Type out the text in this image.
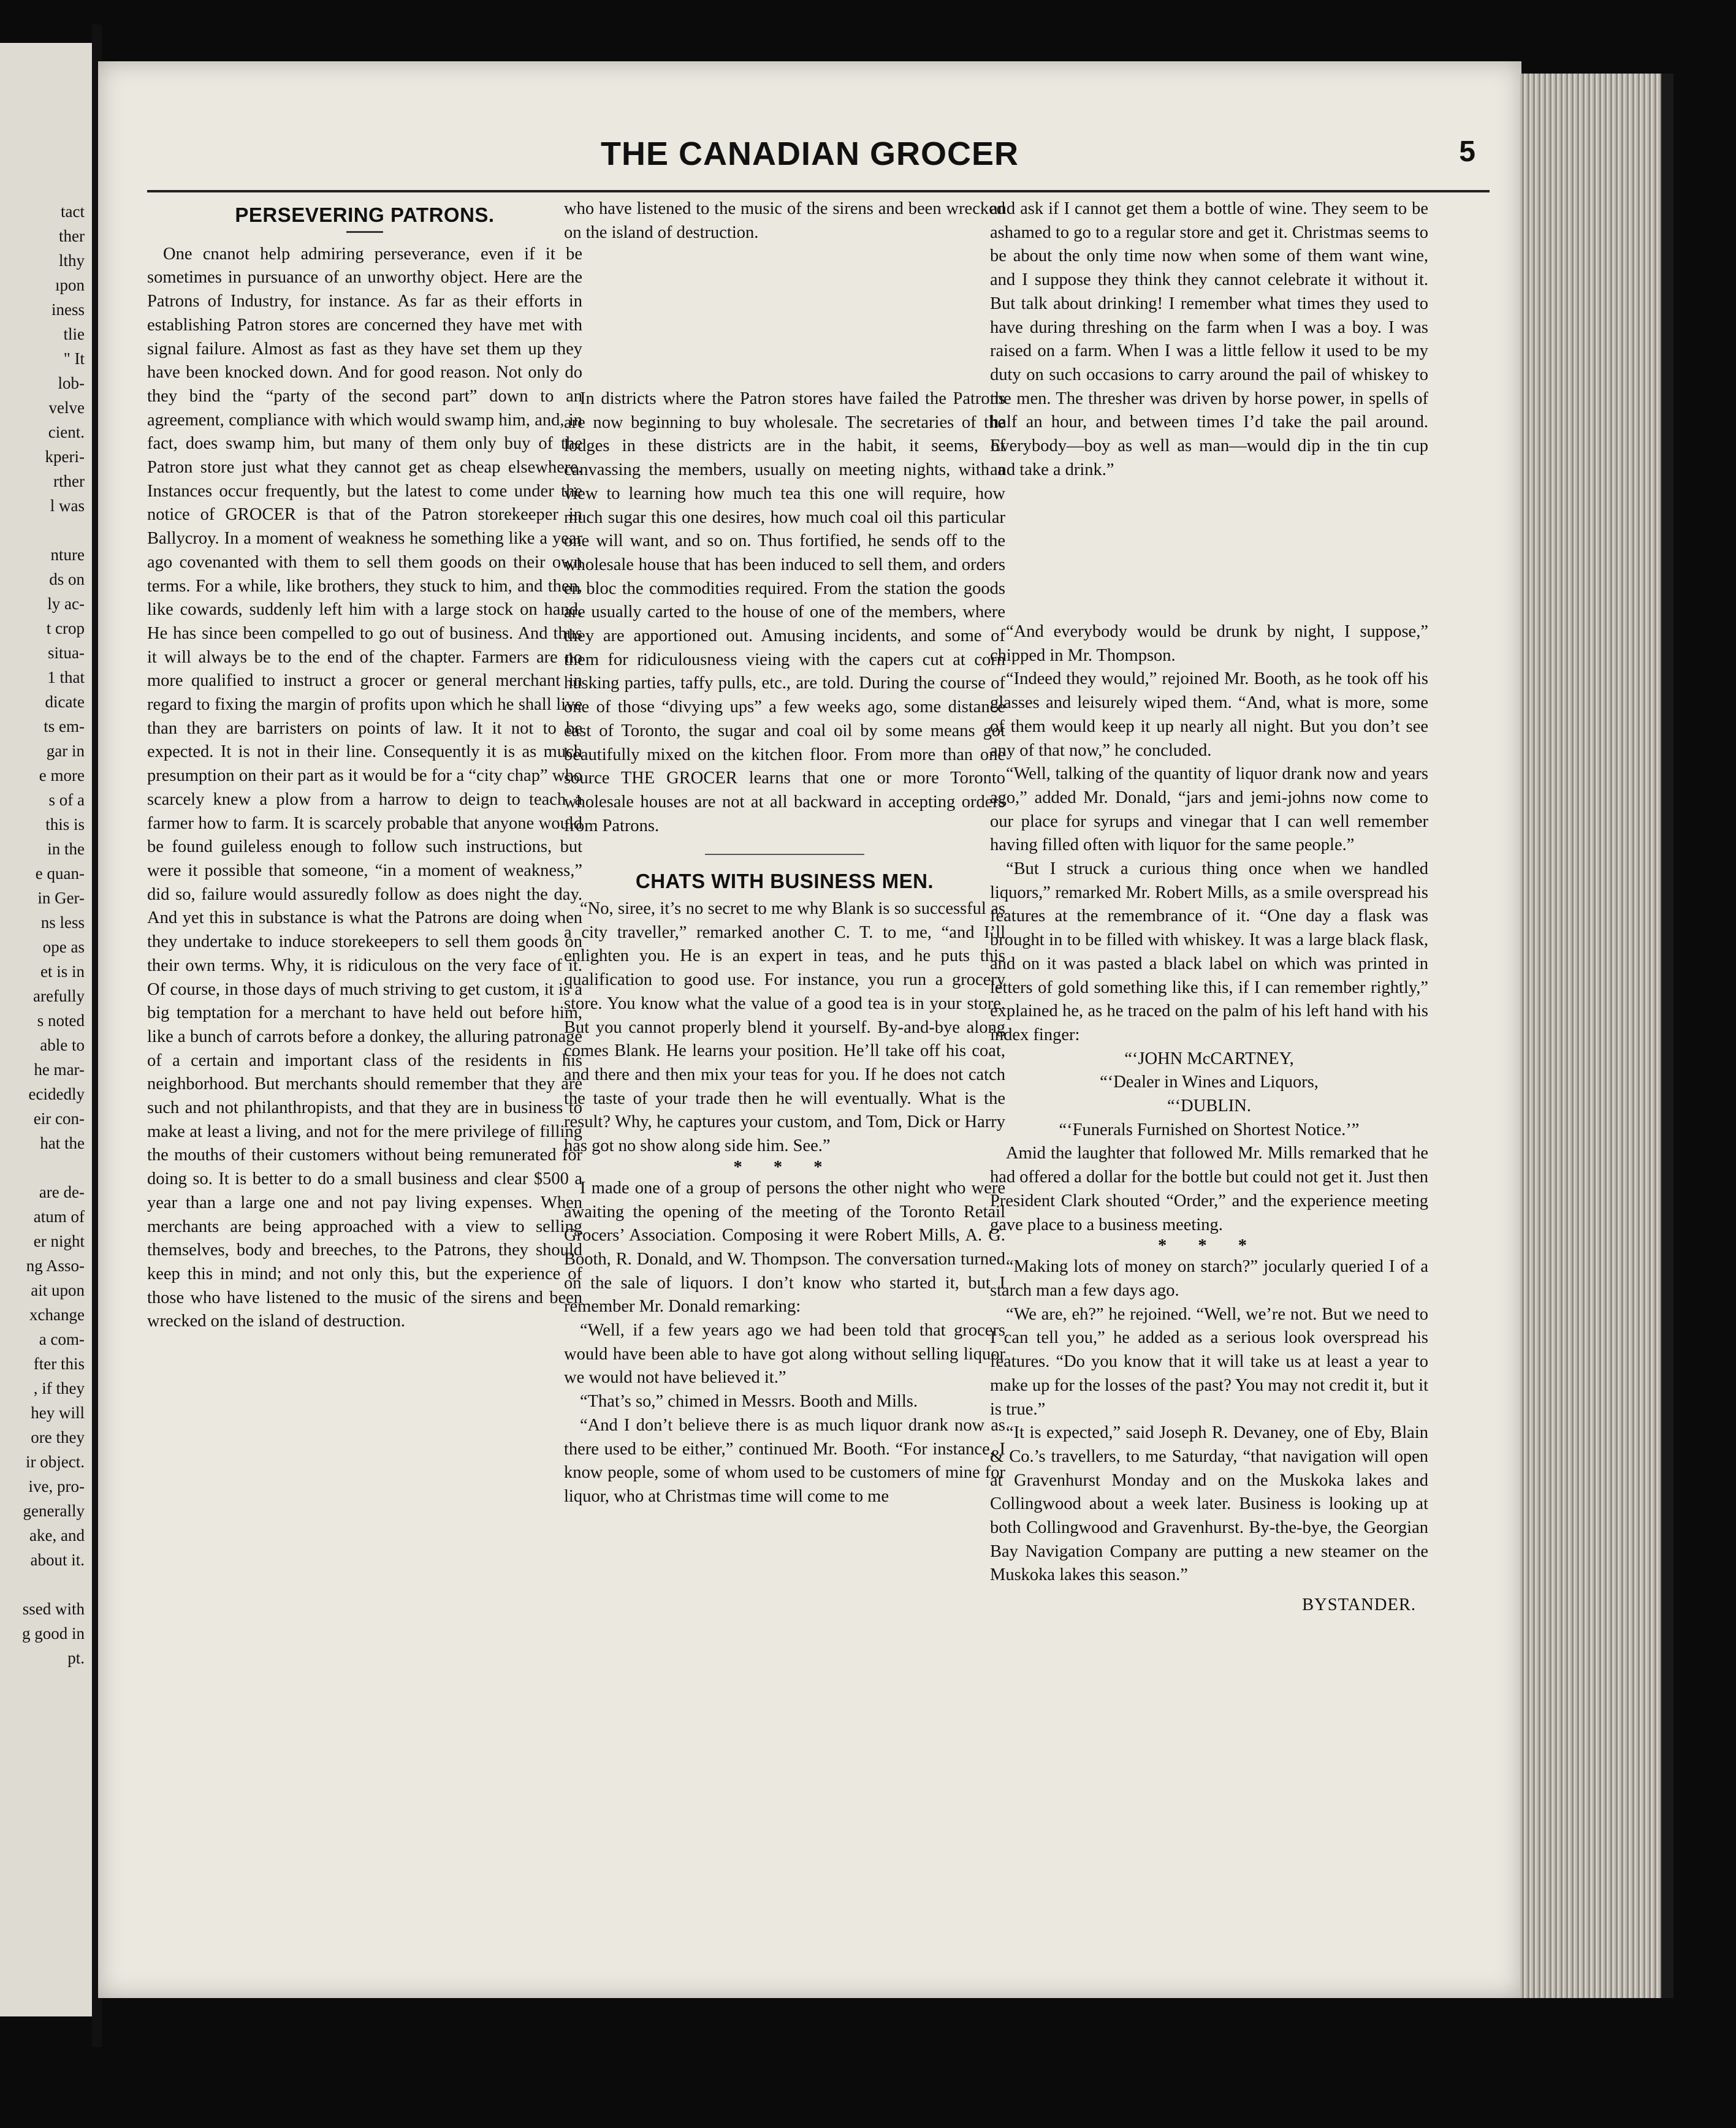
tact
ther
lthy
ıpon
iness
tlie
" It
lob-
velve
cient.
kperi-
rther
l was

nture
ds on
ly ac-
t crop
situa-
1 that
dicate
ts em-
gar in
e more
s of a
this is
in the
e quan-
in Ger-
ns less
ope as
et is in
arefully
s noted
able to
he mar-
ecidedly
eir con-
hat the

are de-
atum of
er night
ng Asso-
ait upon
xchange
a com-
fter this
, if they
hey will
ore they
ir object.
ive, pro-
generally
ake, and
about it.

ssed with
g good in
pt.
THE CANADIAN GROCER	5
PERSEVERING PATRONS.

One cnanot help admiring perseverance, even if it be sometimes in pursuance of an unworthy object. Here are the Patrons of Industry, for instance. As far as their efforts in establishing Patron stores are concerned they have met with signal failure. Almost as fast as they have set them up they have been knocked down. And for good reason. Not only do they bind the “party of the second part” down to an agreement, compliance with which would swamp him, and, in fact, does swamp him, but many of them only buy of the Patron store just what they cannot get as cheap elsewhere. Instances occur frequently, but the latest to come under the notice of GROCER is that of the Patron storekeeper in Ballycroy. In a moment of weakness he something like a year ago covenanted with them to sell them goods on their own terms. For a while, like brothers, they stuck to him, and then, like cowards, suddenly left him with a large stock on hand. He has since been compelled to go out of business. And thus it will always be to the end of the chapter. Farmers are no more qualified to instruct a grocer or general merchant in regard to fixing the margin of profits upon which he shall live than they are barristers on points of law. It it not to be expected. It is not in their line. Consequently it is as much presumption on their part as it would be for a “city chap” who scarcely knew a plow from a harrow to deign to teach a farmer how to farm. It is scarcely probable that anyone would be found guileless enough to follow such instructions, but were it possible that someone, “in a moment of weakness,” did so, failure would assuredly follow as does night the day. And yet this in substance is what the Patrons are doing when they undertake to induce storekeepers to sell them goods on their own terms. Why, it is ridiculous on the very face of it. Of course, in those days of much striving to get custom, it is a big temptation for a merchant to have held out before him, like a bunch of carrots before a donkey, the alluring patronage of a certain and important class of the residents in his neighborhood. But merchants should remember that they are such and not philanthropists, and that they are in business to make at least a living, and not for the mere privilege of filling the mouths of their customers without being remunerated for doing so. It is better to do a small business and clear $500 a year than a large one and not pay living expenses. When merchants are being approached with a view to selling themselves, body and breeches, to the Patrons, they should keep this in mind; and not only this, but the experience of those who have listened to the music of the sirens and been wrecked on the island of destruction.

who have listened to the music of the sirens and been wrecked on the island of destruction.

In districts where the Patron stores have failed the Patrons are now beginning to buy wholesale. The secretaries of the lodges in these districts are in the habit, it seems, of canvassing the members, usually on meeting nights, with a view to learning how much tea this one will require, how much sugar this one desires, how much coal oil this particular one will want, and so on. Thus fortified, he sends off to the wholesale house that has been induced to sell them, and orders en bloc the commodities required. From the station the goods are usually carted to the house of one of the members, where they are apportioned out. Amusing incidents, and some of them for ridiculousness vieing with the capers cut at corn husking parties, taffy pulls, etc., are told. During the course of one of those “divying ups” a few weeks ago, some distance east of Toronto, the sugar and coal oil by some means got beautifully mixed on the kitchen floor. From more than one source THE GROCER learns that one or more Toronto wholesale houses are not at all backward in accepting orders from Patrons.

CHATS WITH BUSINESS MEN.

“No, siree, it’s no secret to me why Blank is so successful as a city traveller,” remarked another C. T. to me, “and I’ll enlighten you. He is an expert in teas, and he puts this qualification to good use. For instance, you run a grocery store. You know what the value of a good tea is in your store. But you cannot properly blend it yourself. By-and-bye along comes Blank. He learns your position. He’ll take off his coat, and there and then mix your teas for you. If he does not catch the taste of your trade then he will eventually. What is the result? Why, he captures your custom, and Tom, Dick or Harry has got no show along side him. See.”

* * *

I made one of a group of persons the other night who were awaiting the opening of the meeting of the Toronto Retail Grocers’ Association. Composing it were Robert Mills, A. G. Booth, R. Donald, and W. Thompson. The conversation turned on the sale of liquors. I don’t know who started it, but I remember Mr. Donald remarking:

“Well, if a few years ago we had been told that grocers would have been able to have got along without selling liquor we would not have believed it.”

“That’s so,” chimed in Messrs. Booth and Mills.

“And I don’t believe there is as much liquor drank now as there used to be either,” continued Mr. Booth. “For instance, I know people, some of whom used to be customers of mine for liquor, who at Christmas time will come to me

and ask if I cannot get them a bottle of wine. They seem to be ashamed to go to a regular store and get it. Christmas seems to be about the only time now when some of them want wine, and I suppose they think they cannot celebrate it without it. But talk about drinking! I remember what times they used to have during threshing on the farm when I was a boy. I was raised on a farm. When I was a little fellow it used to be my duty on such occasions to carry around the pail of whiskey to the men. The thresher was driven by horse power, in spells of half an hour, and between times I’d take the pail around. Everybody—boy as well as man—would dip in the tin cup and take a drink.”

“And everybody would be drunk by night, I suppose,” chipped in Mr. Thompson.

“Indeed they would,” rejoined Mr. Booth, as he took off his glasses and leisurely wiped them. “And, what is more, some of them would keep it up nearly all night. But you don’t see any of that now,” he concluded.

“Well, talking of the quantity of liquor drank now and years ago,” added Mr. Donald, “jars and jemi-johns now come to our place for syrups and vinegar that I can well remember having filled often with liquor for the same people.”

“But I struck a curious thing once when we handled liquors,” remarked Mr. Robert Mills, as a smile overspread his features at the remembrance of it. “One day a flask was brought in to be filled with whiskey. It was a large black flask, and on it was pasted a black label on which was printed in letters of gold something like this, if I can remember rightly,” explained he, as he traced on the palm of his left hand with his index finger:

“‘JOHN McCARTNEY,

“‘Dealer in Wines and Liquors,

“‘DUBLIN.

“‘Funerals Furnished on Shortest Notice.’”

Amid the laughter that followed Mr. Mills remarked that he had offered a dollar for the bottle but could not get it. Just then President Clark shouted “Order,” and the experience meeting gave place to a business meeting.

* * *

“Making lots of money on starch?” jocularly queried I of a starch man a few days ago.

“We are, eh?” he rejoined. “Well, we’re not. But we need to I can tell you,” he added as a serious look overspread his features. “Do you know that it will take us at least a year to make up for the losses of the past? You may not credit it, but it is true.”

“It is expected,” said Joseph R. Devaney, one of Eby, Blain & Co.’s travellers, to me Saturday, “that navigation will open at Gravenhurst Monday and on the Muskoka lakes and Collingwood about a week later. Business is looking up at both Collingwood and Gravenhurst. By-the-bye, the Georgian Bay Navigation Company are putting a new steamer on the Muskoka lakes this season.”

BYSTANDER.
